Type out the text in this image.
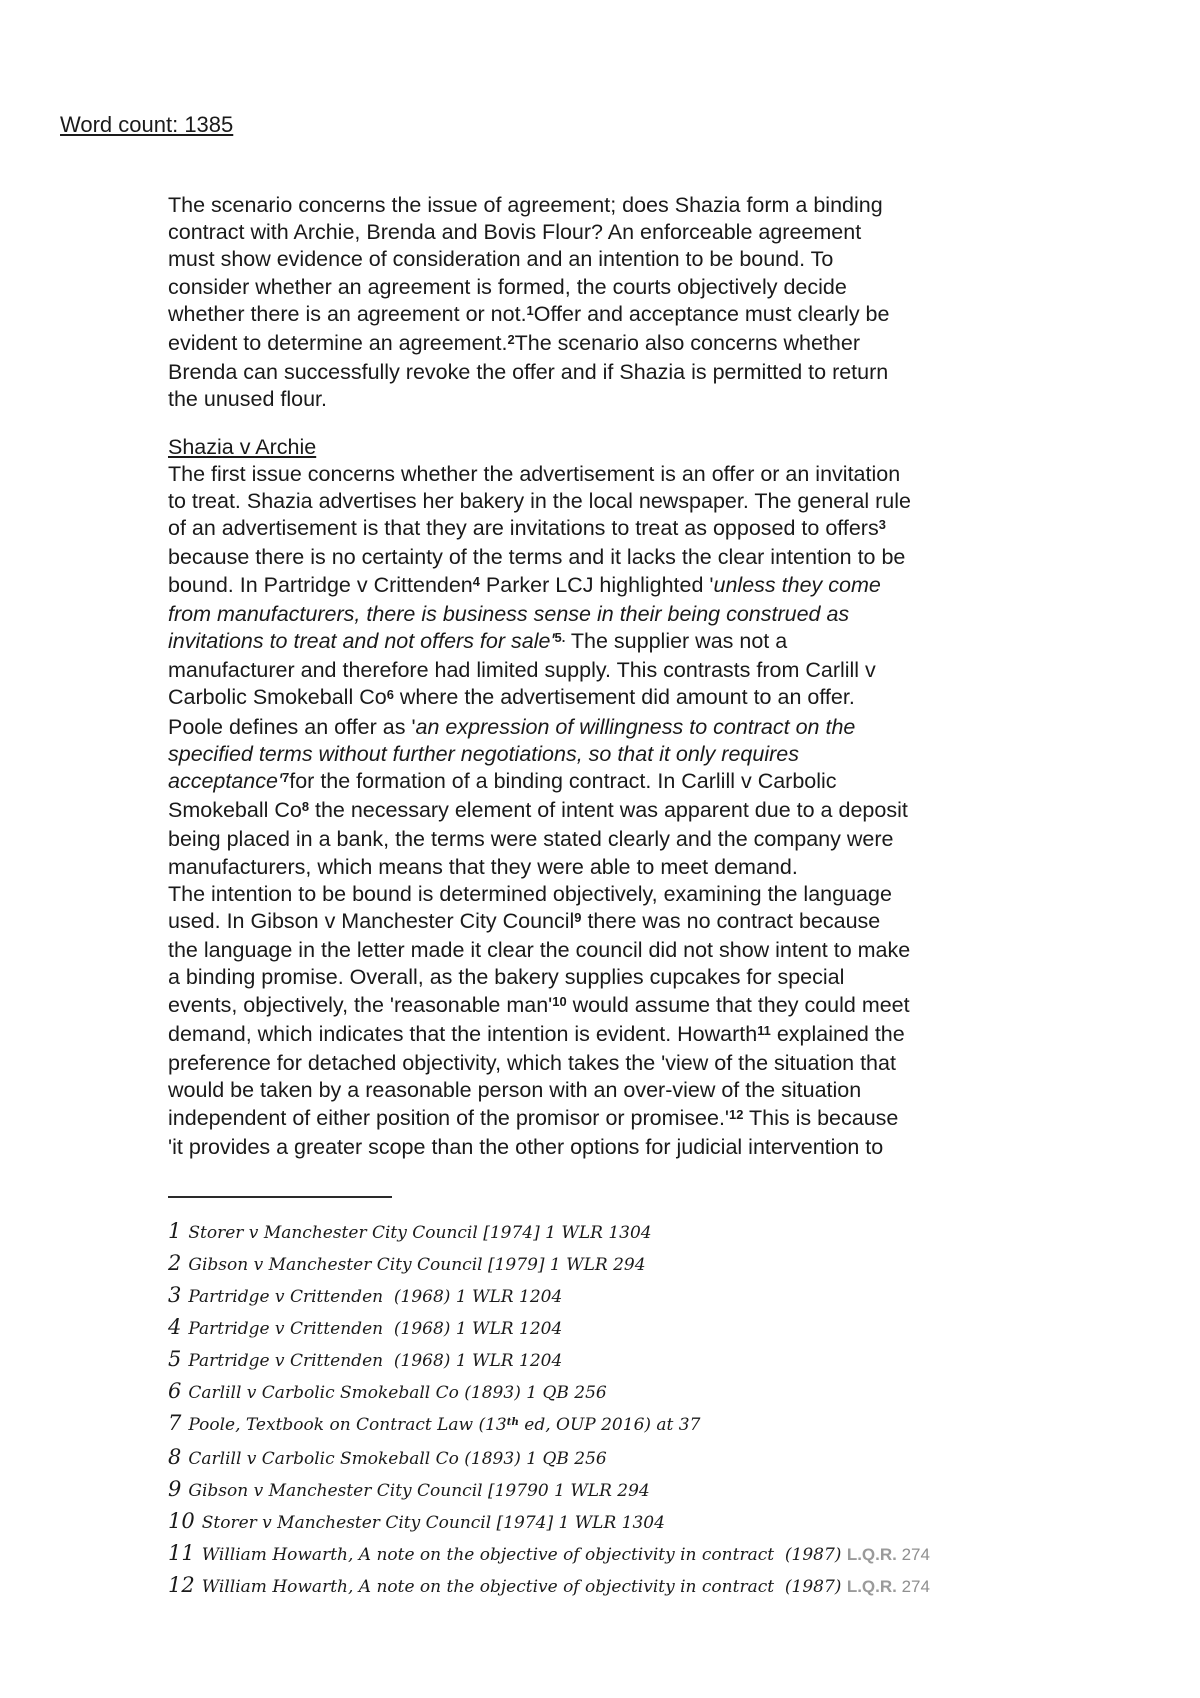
Word count: 1385
The scenario concerns the issue of agreement; does Shazia form a binding
contract with Archie, Brenda and Bovis Flour? An enforceable agreement
must show evidence of consideration and an intention to be bound. To
consider whether an agreement is formed, the courts objectively decide
whether there is an agreement or not.$^1$Offer and acceptance must clearly be
evident to determine an agreement.$^2$The scenario also concerns whether
Brenda can successfully revoke the offer and if Shazia is permitted to return
the unused flour.
Shazia v Archie
The first issue concerns whether the advertisement is an offer or an invitation
to treat. Shazia advertises her bakery in the local newspaper. The general rule
of an advertisement is that they are invitations to treat as opposed to offers$^3$
because there is no certainty of the terms and it lacks the clear intention to be
bound. In Partridge v Crittenden$^4$ Parker LCJ highlighted 'unless they come
from manufacturers, there is business sense in their being construed as
invitations to treat and not offers for $sale'^{5.}$ The supplier was not a
manufacturer and therefore had limited supply. This contrasts from Carlill v
Carbolic Smokeball Co$^6$ where the advertisement did amount to an offer.
Poole defines an offer as 'an expression of willingness to contract on the
specified terms without further negotiations, so that it only requires
$acceptance'^7for$ the formation of a binding contract. In Carlill v Carbolic
Smokeball Co$^8$ the necessary element of intent was apparent due to a deposit
being placed in a bank, the terms were stated clearly and the company were
manufacturers, which means that they were able to meet demand.
The intention to be bound is determined objectively, examining the language
used. In Gibson v Manchester City Council$^9$ there was no contract because
the language in the letter made it clear the council did not show intent to make
a binding promise. Overall, as the bakery supplies cupcakes for special
events, objectively, the 'reasonable $man'^{10}$ would assume that they could meet
demand, which indicates that the intention is evident. Howarth$^{11}$ explained the
preference for detached objectivity, which takes the 'view of the situation that
would be taken by a reasonable person with an over-view of the situation
independent of either position of the promisor or $promisee.'^{12}$ This is because
'it provides a greater scope than the other options for judicial intervention to
1 Storer v Manchester City Council [1974] 1 WLR 1304
2 Gibson v Manchester City Council [1979] 1 WLR 294
3 Partridge v Crittenden  (1968) 1 WLR 1204
4 Partridge v Crittenden  (1968) 1 WLR 1204
5 Partridge v Crittenden  (1968) 1 WLR 1204
6 Carlill v Carbolic Smokeball Co (1893) 1 QB 256
7 Poole, Textbook on Contract Law (13th ed, OUP 2016) at 37
8 Carlill v Carbolic Smokeball Co (1893) 1 QB 256
9 Gibson v Manchester City Council [19790 1 WLR 294
10 Storer v Manchester City Council [1974] 1 WLR 1304
11 William Howarth, A note on the objective of objectivity in contract  (1987) L.Q.R. 274
12 William Howarth, A note on the objective of objectivity in contract  (1987) L.Q.R. 274
